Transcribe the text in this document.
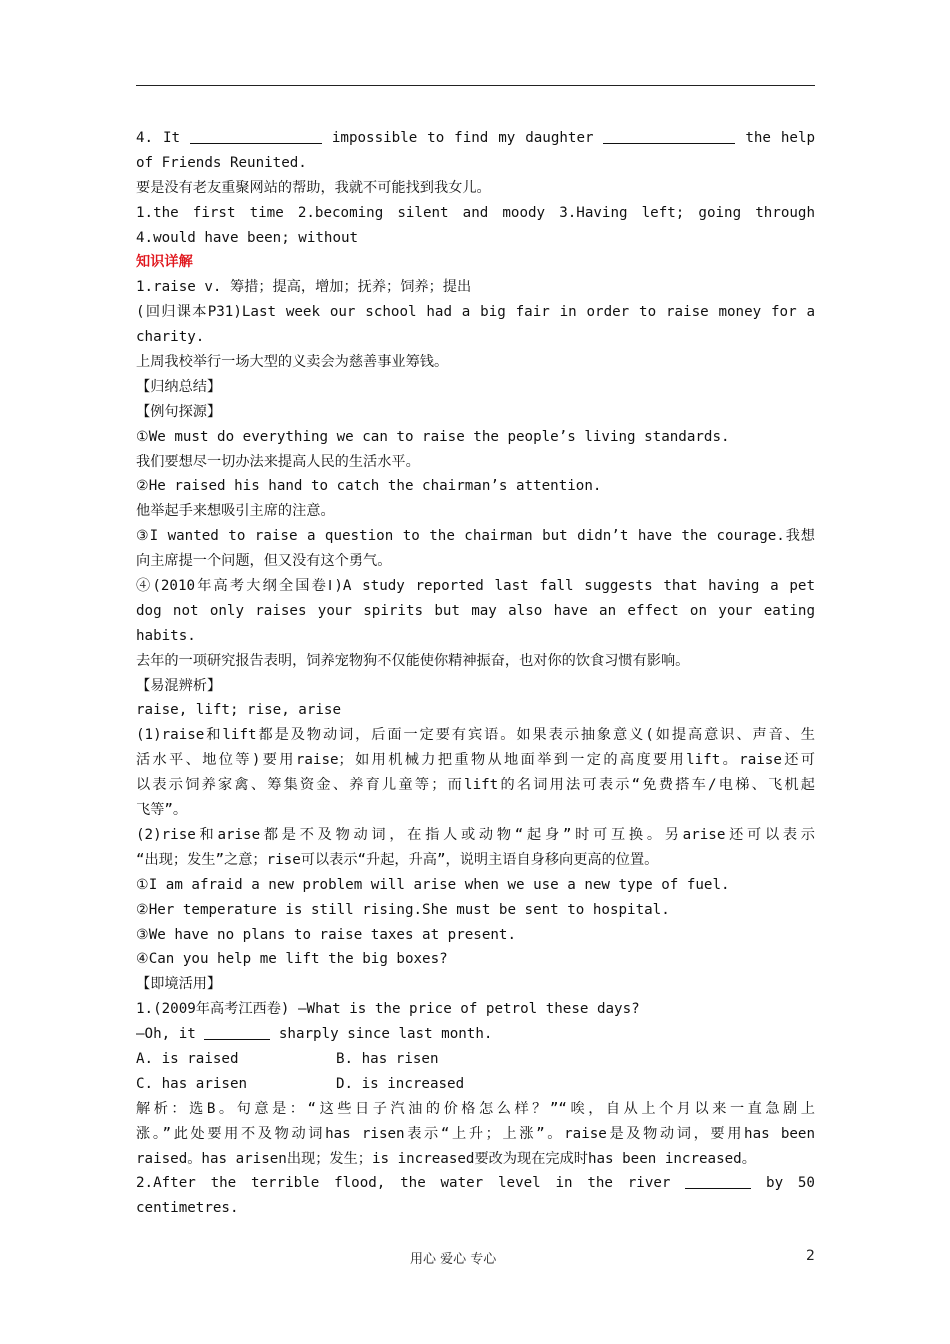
4. It	impossible to find my daughter	the help
of Friends Reunited.
要是没有老友重聚网站的帮助，我就不可能找到我女儿。
1.the first time 2.becoming silent and moody 3.Having left; going through
4.would have been; without
知识详解
1.raise v. 筹措；提高，增加；抚养；饲养；提出
(回归课本P31)Last week our school had a big fair in order to raise money for a
charity.
上周我校举行一场大型的义卖会为慈善事业筹钱。
【归纳总结】
【例句探源】
①We must do everything we can to raise the people’s living standards.
我们要想尽一切办法来提高人民的生活水平。
②He raised his hand to catch the chairman’s attention.
他举起手来想吸引主席的注意。
③I wanted to raise a question to the chairman but didn’t have the courage.我想
向主席提一个问题，但又没有这个勇气。
④(2010年高考大纲全国卷Ⅰ)A study reported last fall suggests that having a pet
dog not only raises your spirits but may also have an effect on your eating
habits.
去年的一项研究报告表明，饲养宠物狗不仅能使你精神振奋，也对你的饮食习惯有影响。
【易混辨析】
raise, lift; rise, arise
(1)raise和lift都是及物动词，后面一定要有宾语。如果表示抽象意义(如提高意识、声音、生
活水平、地位等)要用raise；如用机械力把重物从地面举到一定的高度要用lift。raise还可
以表示饲养家禽、筹集资金、养育儿童等；而lift的名词用法可表示“免费搭车/电梯、飞机起
飞等”。
(2)rise和arise都是不及物动词，在指人或动物“起身”时可互换。另arise还可以表示
“出现；发生”之意；rise可以表示“升起，升高”，说明主语自身移向更高的位置。
①I am afraid a new problem will arise when we use a new type of fuel.
②Her temperature is still rising.She must be sent to hospital.
③We have no plans to raise taxes at present.
④Can you help me lift the big boxes?
【即境活用】
1.(2009年高考江西卷) —What is the price of petrol these days?
—Oh, it	sharply since last month.
A. is raised	B. has risen
C. has arisen	D. is increased
解析：选B。句意是：“这些日子汽油的价格怎么样？”“唉，自从上个月以来一直急剧上
涨。”此处要用不及物动词has risen表示“上升；上涨”。raise是及物动词，要用has been
raised。has arisen出现；发生；is increased要改为现在完成时has been increased。
2.After the terrible flood, the water level in the river	by 50
centimetres.
用心 爱心 专心	2
